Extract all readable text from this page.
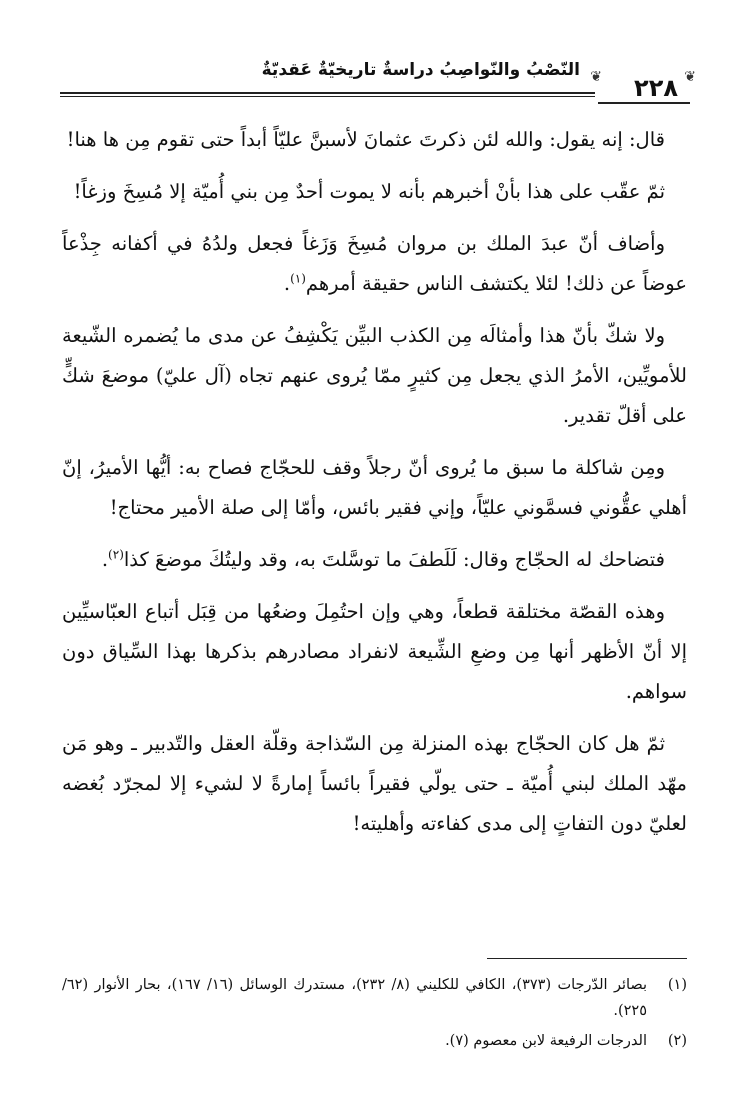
النّصْبُ والنّواصِبُ دراسةٌ تاريخيّةٌ عَقديّةٌ ❦	❦
٢٢٨

قال: إنه يقول: والله لئن ذكرتَ عثمانَ لأسبنَّ عليّاً أبداً حتى تقوم مِن ها هنا!

ثمّ عقّب على هذا بأنْ أخبرهم بأنه لا يموت أحدٌ مِن بني أُميّة إلا مُسِخَ وزغاً!

وأضاف أنّ عبدَ الملك بن مروان مُسِخَ وَزَغاً فجعل ولدُهُ في أكفانه جِذْعاً عوضاً عن ذلك! لئلا يكتشف الناس حقيقة أمرهم$^{(١)}$.

ولا شكّ بأنّ هذا وأمثالَه مِن الكذب البيِّن يَكْشِفُ عن مدى ما يُضمره الشّيعة للأمويِّين، الأمرُ الذي يجعل مِن كثيرٍ ممّا يُروى عنهم تجاه (آل عليّ) موضعَ شكٍّ على أقلّ تقدير.

ومِن شاكلة ما سبق ما يُروى أنّ رجلاً وقف للحجّاج فصاح به: أيُّها الأميرُ، إنّ أهلي عقُّوني فسمَّوني عليّاً، وإني فقير بائس، وأمّا إلى صلة الأمير محتاج!

فتضاحك له الحجّاج وقال: لَلَطفَ ما توسَّلتَ به، وقد وليتُكَ موضعَ كذا$^{(٢)}$.

وهذه القصّة مختلقة قطعاً، وهي وإن احتُمِلَ وضعُها من قِبَل أتباع العبّاسيِّين إلا أنّ الأظهر أنها مِن وضعِ الشِّيعة لانفراد مصادرهم بذكرها بهذا السِّياق دون سواهم.

ثمّ هل كان الحجّاج بهذه المنزلة مِن السّذاجة وقلّة العقل والتّدبير ـ وهو مَن مهّد الملك لبني أُميّة ـ حتى يولّي فقيراً بائساً إمارةً لا لشيء إلا لمجرّد بُغضه لعليّ دون التفاتٍ إلى مدى كفاءته وأهليته!

(١)
بصائر الدّرجات (٣٧٣)، الكافي للكليني (٨/ ٢٣٢)، مستدرك الوسائل (١٦/ ١٦٧)، بحار الأنوار (٦٢/ ٢٢٥).
(٢)
الدرجات الرفيعة لابن معصوم (٧).
